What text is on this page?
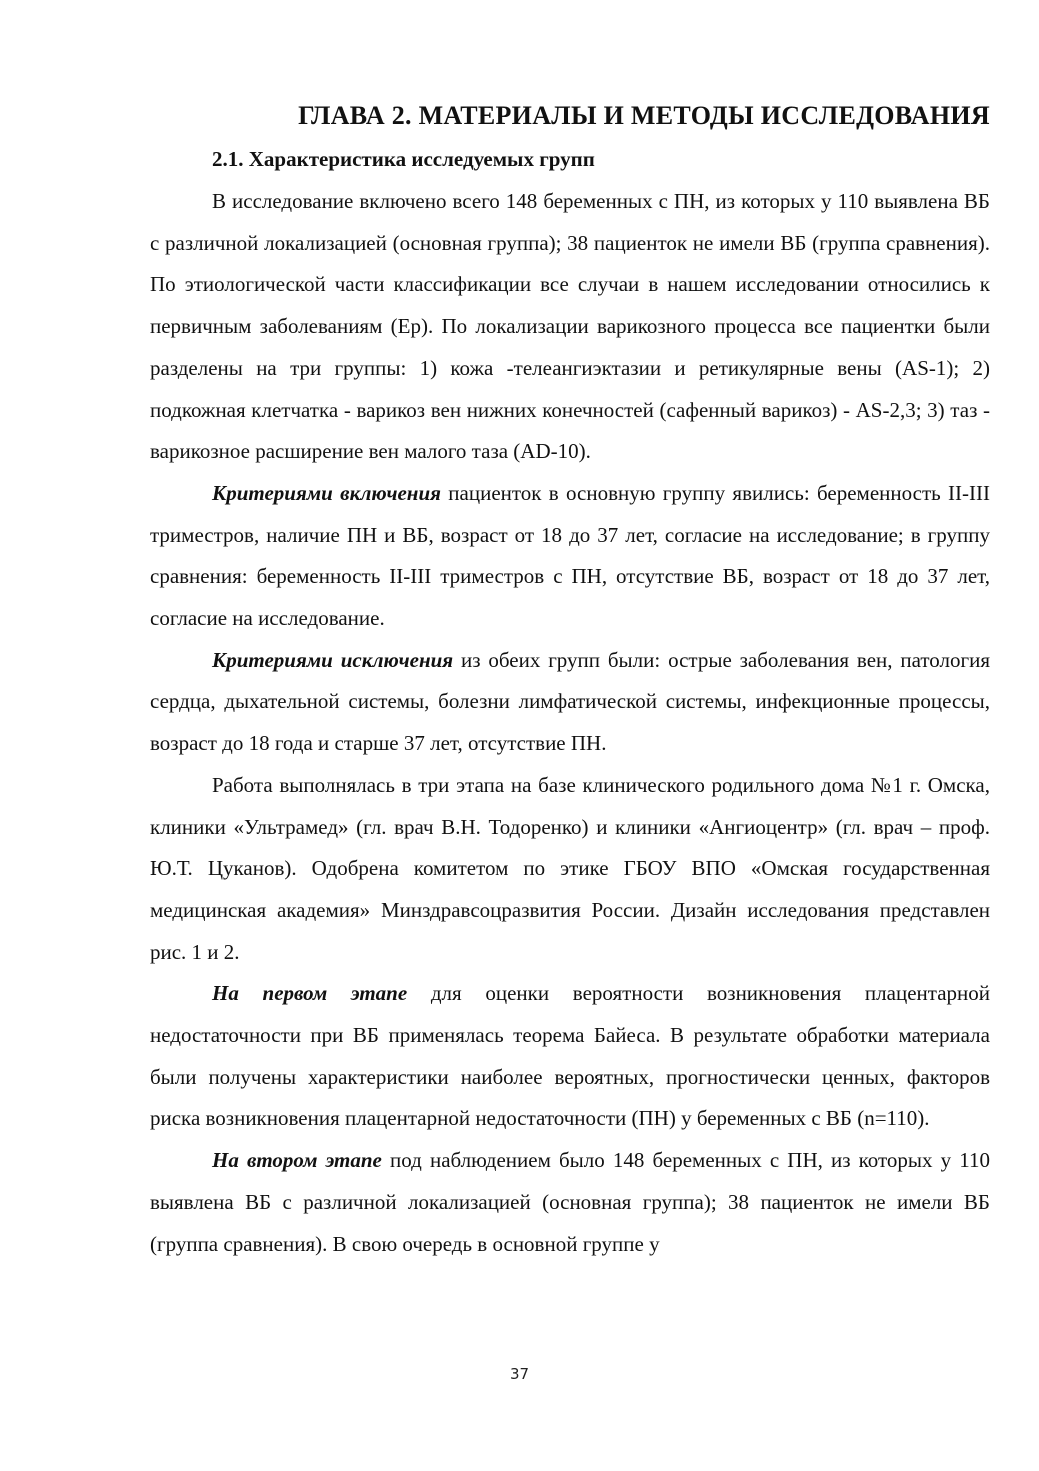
ГЛАВА 2. МАТЕРИАЛЫ И МЕТОДЫ ИССЛЕДОВАНИЯ
2.1. Характеристика исследуемых групп

В исследование включено всего 148 беременных с ПН, из которых у 110 выявлена ВБ с различной локализацией (основная группа); 38 пациенток не имели ВБ (группа сравнения). По этиологической части классификации все случаи в нашем исследовании относились к первичным заболеваниям (Ер). По локализации варикозного процесса все пациентки были разделены на три группы: 1) кожа -телеангиэктазии и ретикулярные вены (AS-1); 2) подкожная клетчатка - варикоз вен нижних конечностей (сафенный варикоз) - AS-2,3; 3) таз - варикозное расширение вен малого таза (AD-10).

Критериями включения пациенток в основную группу явились: беременность II-III триместров, наличие ПН и ВБ, возраст от 18 до 37 лет, согласие на исследование; в группу сравнения: беременность II-III триместров с ПН, отсутствие ВБ, возраст от 18 до 37 лет, согласие на исследование.

Критериями исключения из обеих групп были: острые заболевания вен, патология сердца, дыхательной системы, болезни лимфатической системы, инфекционные процессы, возраст до 18 года и старше 37 лет, отсутствие ПН.

Работа выполнялась в три этапа на базе клинического родильного дома №1 г. Омска, клиники «Ультрамед» (гл. врач В.Н. Тодоренко) и клиники «Ангиоцентр» (гл. врач – проф. Ю.Т. Цуканов). Одобрена комитетом по этике ГБОУ ВПО «Омская государственная медицинская академия» Минздравсоцразвития России. Дизайн исследования представлен рис. 1 и 2.

На первом этапе для оценки вероятности возникновения плацентарной недостаточности при ВБ применялась теорема Байеса. В результате обработки материала были получены характеристики наиболее вероятных, прогностически ценных, факторов риска возникновения плацентарной недостаточности (ПН) у беременных с ВБ (n=110).

На втором этапе под наблюдением было 148 беременных с ПН, из которых у 110 выявлена ВБ с различной локализацией (основная группа); 38 пациенток не имели ВБ (группа сравнения). В свою очередь в основной группе у

37
